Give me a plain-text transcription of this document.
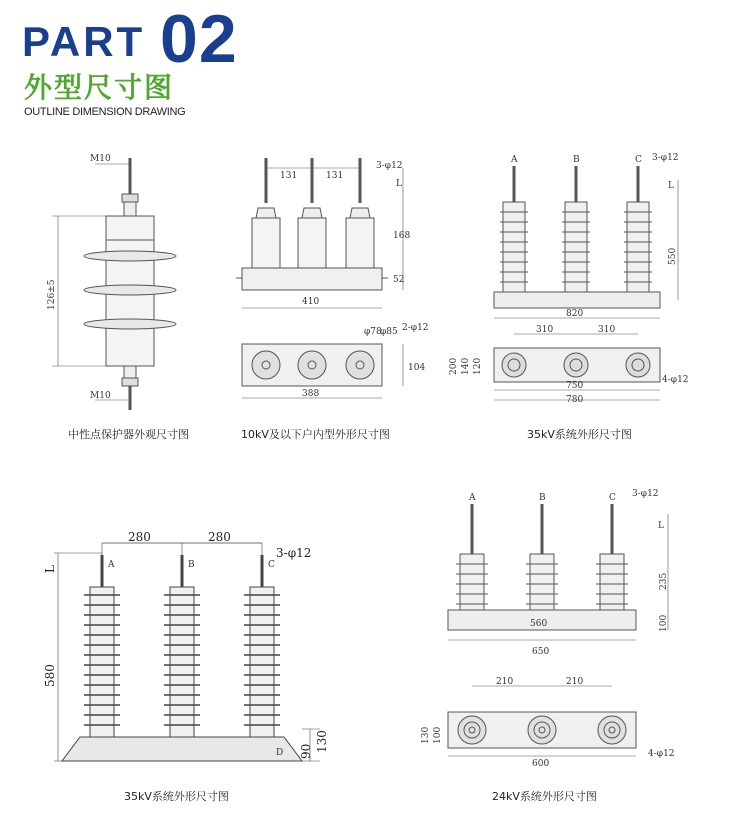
PART 02
外型尺寸图
OUTLINE DIMENSION DRAWING
M10
M10
126±5
中性点保护器外观尺寸图
131	131
3-φ12
L
168
52
410
φ78
φ85 2-φ12
104
388
10kV及以下户内型外形尺寸图
A	B	C 3-φ12
L
550
820
310	310
200 140 120
4-φ12
750
780
35kV系统外形尺寸图
280	280
3-φ12
L
580
A	B	C
D 90 130
35kV系统外形尺寸图
A	B	C 3-φ12
L
235
100
560
650
210	210
130 100
4-φ12
600
24kV系统外形尺寸图
